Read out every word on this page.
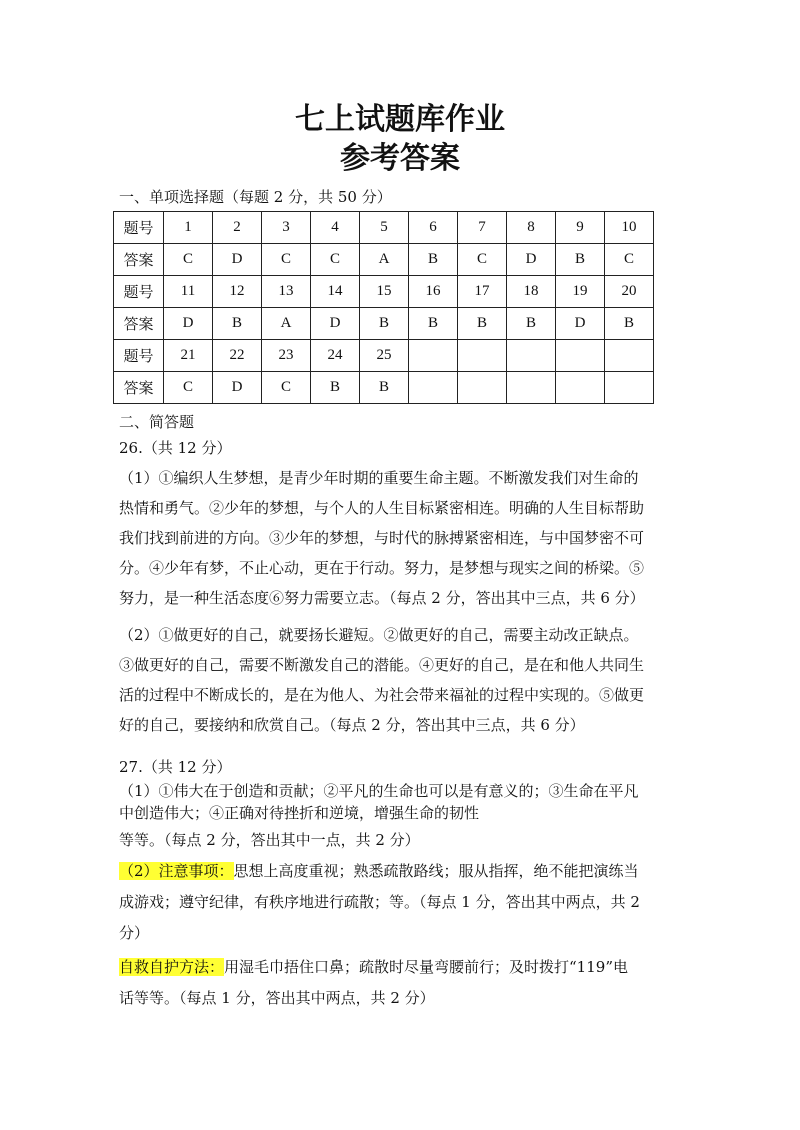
七上试题库作业
参考答案
一、单项选择题（每题 2 分，共 50 分）
题号	1	2	3	4	5	6	7	8	9	10
答案	C	D	C	C	A	B	C	D	B	C
题号	11	12	13	14	15	16	17	18	19	20
答案	D	B	A	D	B	B	B	B	D	B
题号	21	22	23	24	25					
答案	C	D	C	B	B					
二、简答题
26.（共 12 分）
（1）①编织人生梦想，是青少年时期的重要生命主题。不断激发我们对生命的
热情和勇气。②少年的梦想，与个人的人生目标紧密相连。明确的人生目标帮助
我们找到前进的方向。③少年的梦想，与时代的脉搏紧密相连，与中国梦密不可
分。④少年有梦，不止心动，更在于行动。努力，是梦想与现实之间的桥梁。⑤
努力，是一种生活态度⑥努力需要立志。（每点 2 分，答出其中三点，共 6 分）
（2）①做更好的自己，就要扬长避短。②做更好的自己，需要主动改正缺点。
③做更好的自己，需要不断激发自己的潜能。④更好的自己，是在和他人共同生
活的过程中不断成长的，是在为他人、为社会带来福祉的过程中实现的。⑤做更
好的自己，要接纳和欣赏自己。（每点 2 分，答出其中三点，共 6 分）
27.（共 12 分）
（1）①伟大在于创造和贡献；②平凡的生命也可以是有意义的；③生命在平凡
中创造伟大；④正确对待挫折和逆境，增强生命的韧性
等等。（每点 2 分，答出其中一点，共 2 分）
（2）注意事项：思想上高度重视；熟悉疏散路线；服从指挥，绝不能把演练当
成游戏；遵守纪律，有秩序地进行疏散；等。（每点 1 分，答出其中两点，共 2
分）
自救自护方法：用湿毛巾捂住口鼻；疏散时尽量弯腰前行；及时拨打“119”电
话等等。（每点 1 分，答出其中两点，共 2 分）
